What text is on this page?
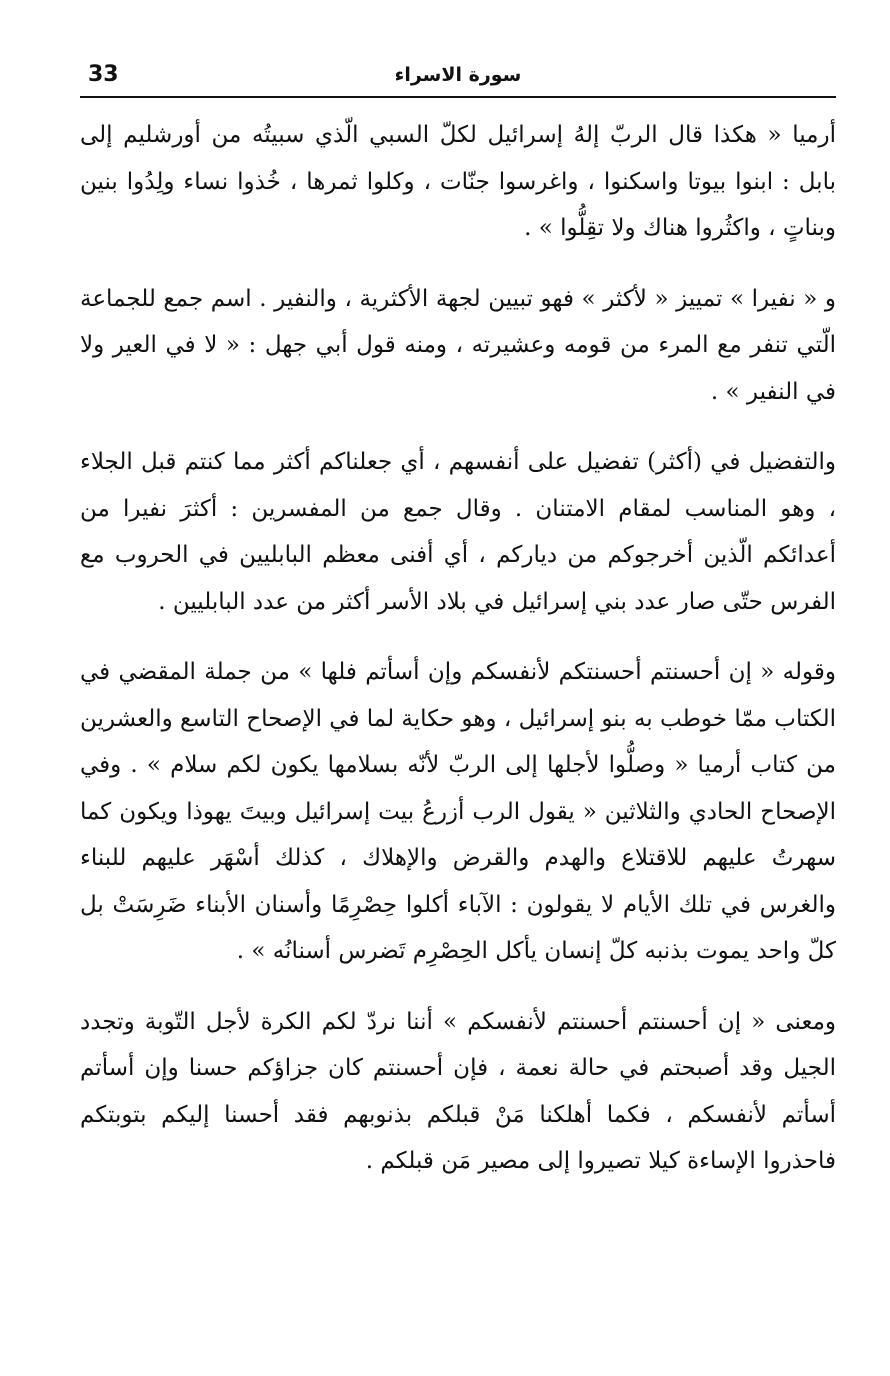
33	سورة الاسراء

أرميا « هكذا قال الربّ إلهُ إسرائيل لكلّ السبي الّذي سبيتُه من أورشليم إلى بابل : ابنوا بيوتا واسكنوا ، واغرسوا جنّات ، وكلوا ثمرها ، خُذوا نساء ولِدُوا بنين وبناتٍ ، واكثُروا هناك ولا تقِلُّوا » .

و « نفيرا » تمييز « لأكثر » فهو تبيين لجهة الأكثرية ، والنفير . اسم جمع للجماعة الّتي تنفر مع المرء من قومه وعشيرته ، ومنه قول أبي جهل : « لا في العير ولا في النفير » .

والتفضيل في (أكثر) تفضيل على أنفسهم ، أي جعلناكم أكثر مما كنتم قبل الجلاء ، وهو المناسب لمقام الامتنان . وقال جمع من المفسرين : أكثرَ نفيرا من أعدائكم الّذين أخرجوكم من دياركم ، أي أفنى معظم البابليين في الحروب مع الفرس حتّى صار عدد بني إسرائيل في بلاد الأسر أكثر من عدد البابليين .

وقوله « إن أحسنتم أحسنتكم لأنفسكم وإن أسأتم فلها » من جملة المقضي في الكتاب ممّا خوطب به بنو إسرائيل ، وهو حكاية لما في الإصحاح التاسع والعشرين من كتاب أرميا « وصلُّوا لأجلها إلى الربّ لأنّه بسلامها يكون لكم سلام » . وفي الإصحاح الحادي والثلاثين « يقول الرب أزرعُ بيت إسرائيل وبيتَ يهوذا ويكون كما سهرتُ عليهم للاقتلاع والهدم والقرض والإهلاك ، كذلك أسْهَر عليهم للبناء والغرس في تلك الأيام لا يقولون : الآباء أكلوا حِصْرِمًا وأسنان الأبناء ضَرِسَتْ بل كلّ واحد يموت بذنبه كلّ إنسان يأكل الحِصْرِم تَضرس أسنانُه » .

ومعنى « إن أحسنتم أحسنتم لأنفسكم » أننا نردّ لكم الكرة لأجل التّوبة وتجدد الجيل وقد أصبحتم في حالة نعمة ، فإن أحسنتم كان جزاؤكم حسنا وإن أسأتم أسأتم لأنفسكم ، فكما أهلكنا مَنْ قبلكم بذنوبهم فقد أحسنا إليكم بتوبتكم فاحذروا الإساءة كيلا تصيروا إلى مصير مَن قبلكم .
